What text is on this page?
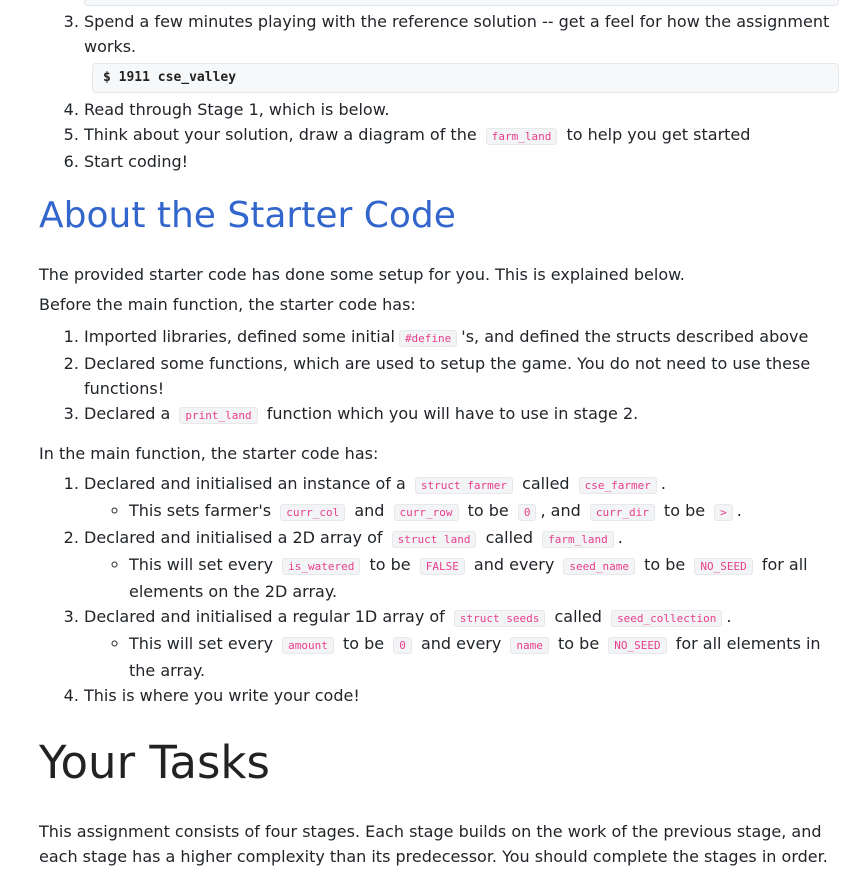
3. Spend a few minutes playing with the reference solution -- get a feel for how the assignment works.
$ 1911 cse_valley
4. Read through Stage 1, which is below.
5. Think about your solution, draw a diagram of the farm_land to help you get started
6. Start coding!
About the Starter Code

The provided starter code has done some setup for you. This is explained below.

Before the main function, the starter code has:

1. Imported libraries, defined some initial #define 's, and defined the structs described above
2. Declared some functions, which are used to setup the game. You do not need to use these functions!
3. Declared a print_land function which you will have to use in stage 2.

In the main function, the starter code has:

1. Declared and initialised an instance of a struct farmer called cse_farmer .
◦ This sets farmer's curr_col and curr_row to be 0 , and curr_dir to be > .
2. Declared and initialised a 2D array of struct land called farm_land .
◦ This will set every is_watered to be FALSE and every seed_name to be NO_SEED for all elements on the 2D array.
3. Declared and initialised a regular 1D array of struct seeds called seed_collection .
◦ This will set every amount to be 0 and every name to be NO_SEED for all elements in the array.
4. This is where you write your code!
Your Tasks

This assignment consists of four stages. Each stage builds on the work of the previous stage, and each stage has a higher complexity than its predecessor. You should complete the stages in order.
